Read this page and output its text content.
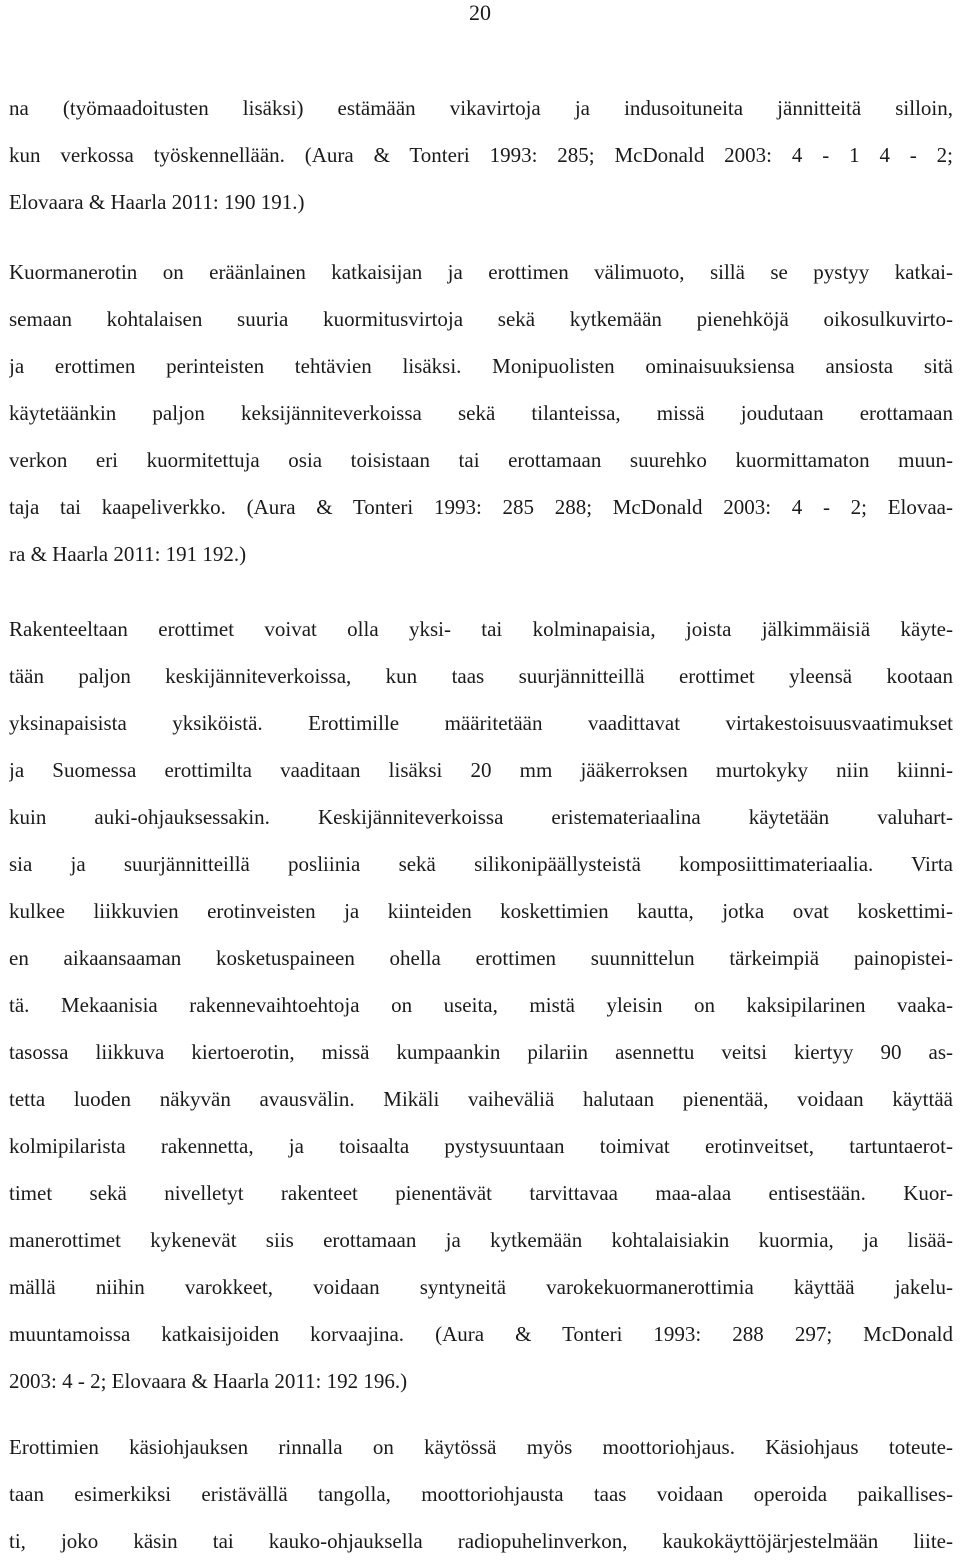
20
na (työmaadoitusten lisäksi) estämään vikavirtoja ja indusoituneita jännitteitä silloin,
kun verkossa työskennellään. (Aura & Tonteri 1993: 285; McDonald 2003: 4 - 1 4 - 2;
Elovaara & Haarla 2011: 190 191.)
Kuormanerotin on eräänlainen katkaisijan ja erottimen välimuoto, sillä se pystyy katkai-
semaan kohtalaisen suuria kuormitusvirtoja sekä kytkemään pienehköjä oikosulkuvirto-
ja erottimen perinteisten tehtävien lisäksi. Monipuolisten ominaisuuksiensa ansiosta sitä
käytetäänkin paljon keksijänniteverkoissa sekä tilanteissa, missä joudutaan erottamaan
verkon eri kuormitettuja osia toisistaan tai erottamaan suurehko kuormittamaton muun-
taja tai kaapeliverkko. (Aura & Tonteri 1993: 285 288; McDonald 2003: 4 - 2; Elovaa-
ra & Haarla 2011: 191 192.)
Rakenteeltaan erottimet voivat olla yksi- tai kolminapaisia, joista jälkimmäisiä käyte-
tään paljon keskijänniteverkoissa, kun taas suurjännitteillä erottimet yleensä kootaan
yksinapaisista yksiköistä. Erottimille määritetään vaadittavat virtakestoisuusvaatimukset
ja Suomessa erottimilta vaaditaan lisäksi 20 mm jääkerroksen murtokyky niin kiinni-
kuin auki-ohjauksessakin. Keskijänniteverkoissa eristemateriaalina käytetään valuhart-
sia ja suurjännitteillä posliinia sekä silikonipäällysteistä komposiittimateriaalia. Virta
kulkee liikkuvien erotinveisten ja kiinteiden koskettimien kautta, jotka ovat koskettimi-
en aikaansaaman kosketuspaineen ohella erottimen suunnittelun tärkeimpiä painopistei-
tä. Mekaanisia rakennevaihtoehtoja on useita, mistä yleisin on kaksipilarinen vaaka-
tasossa liikkuva kiertoerotin, missä kumpaankin pilariin asennettu veitsi kiertyy 90 as-
tetta luoden näkyvän avausvälin. Mikäli vaiheväliä halutaan pienentää, voidaan käyttää
kolmipilarista rakennetta, ja toisaalta pystysuuntaan toimivat erotinveitset, tartuntaerot-
timet sekä nivelletyt rakenteet pienentävät tarvittavaa maa-alaa entisestään. Kuor-
manerottimet kykenevät siis erottamaan ja kytkemään kohtalaisiakin kuormia, ja lisää-
mällä niihin varokkeet, voidaan syntyneitä varokekuormanerottimia käyttää jakelu-
muuntamoissa katkaisijoiden korvaajina. (Aura & Tonteri 1993: 288 297; McDonald
2003: 4 - 2; Elovaara & Haarla 2011: 192 196.)
Erottimien käsiohjauksen rinnalla on käytössä myös moottoriohjaus. Käsiohjaus toteute-
taan esimerkiksi eristävällä tangolla, moottoriohjausta taas voidaan operoida paikallises-
ti, joko käsin tai kauko-ohjauksella radiopuhelinverkon, kaukokäyttöjärjestelmään liite-
